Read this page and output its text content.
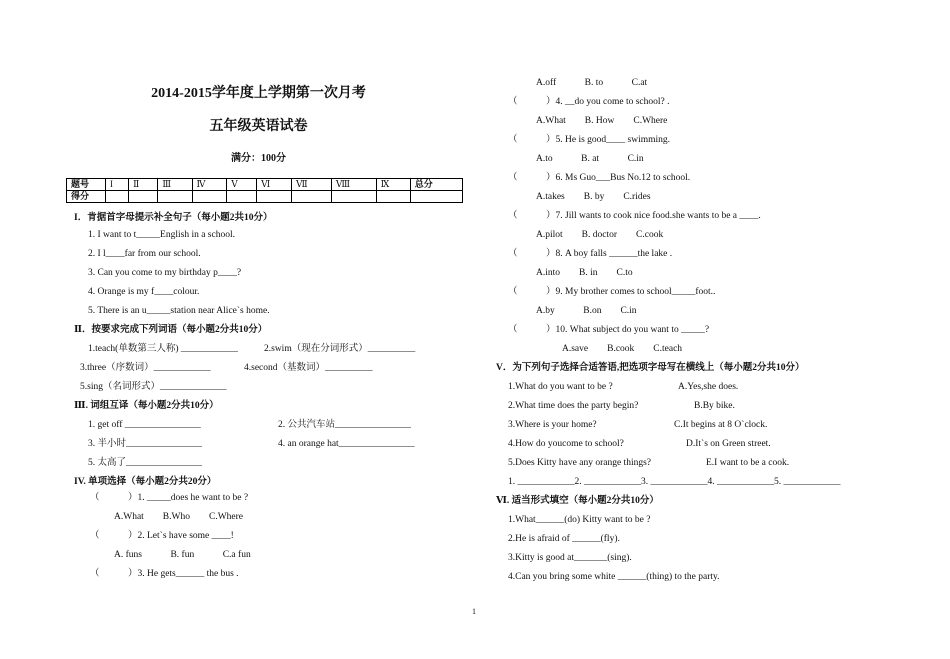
2014-2015学年度上学期第一次月考
五年级英语试卷
满分：100分
题号	I	Ⅱ	Ⅲ	Ⅳ	Ⅴ	Ⅵ	Ⅶ	Ⅷ	Ⅸ	总分
得分										
I．肯据首字母提示补全句子（每小题2共10分）
1. I want to t_____English in a school.
2. I l____far from our school.
3. Can you come to my birthday p____?
4. Orange is my f____colour.
5. There is an u_____station near Alice`s home.
Ⅱ．按要求完成下列词语（每小题2分共10分）
1.teach(单数第三人称) ____________	2.swim（现在分词形式）__________
3.three（序数词）____________	4.second（基数词）__________
5.sing（名词形式）______________
Ⅲ. 词组互译（每小题2分共10分）
1. get off ________________	2. 公共汽车站________________
3. 半小时________________	4. an orange hat________________
5. 太高了________________
IV. 单项选择（每小题2分共20分）
（　　　）1. _____does he want to be ?
A.What　　B.Who　　C.Where
（　　　）2. Let`s have some ____!
A. funs　　　B. fun　　　C.a fun
（　　　）3. He gets______ the bus .
A.off　　　B. to　　　C.at
（　　　）4. __do you come to school? .
A.What　　B. How　　C.Where
（　　　）5. He is good____ swimming.
A.to　　　B. at　　　C.in
（　　　）6. Ms Guo___Bus No.12 to school.
A.takes　　B. by　　C.rides
（　　　）7. Jill wants to cook nice food.she wants to be a ____.
A.pilot　　B. doctor　　C.cook
（　　　）8. A boy falls ______the lake .
A.into　　B. in　　C.to
（　　　）9. My brother comes to school_____foot..
A.by　　　B.on　　C.in
（　　　）10. What subject do you want to _____?
A.save　　B.cook　　C.teach
V．为下列句子选择合适答语,把选项字母写在横线上（每小题2分共10分）
1.What do you want to be ?	A.Yes,she does.
2.What time does the party begin?	B.By bike.
3.Where is your home?	C.It begins at 8 O`clock.
4.How do youcome to school?	D.It`s on Green street.
5.Does Kitty have any orange things?	E.I want to be a cook.
1. ____________2. ____________3. ____________4. ____________5. ____________
Ⅵ. 适当形式填空（每小题2分共10分）
1.What______(do) Kitty want to be ?
2.He is afraid of ______(fly).
3.Kitty is good at_______(sing).
4.Can you bring some white ______(thing) to the party.
1
